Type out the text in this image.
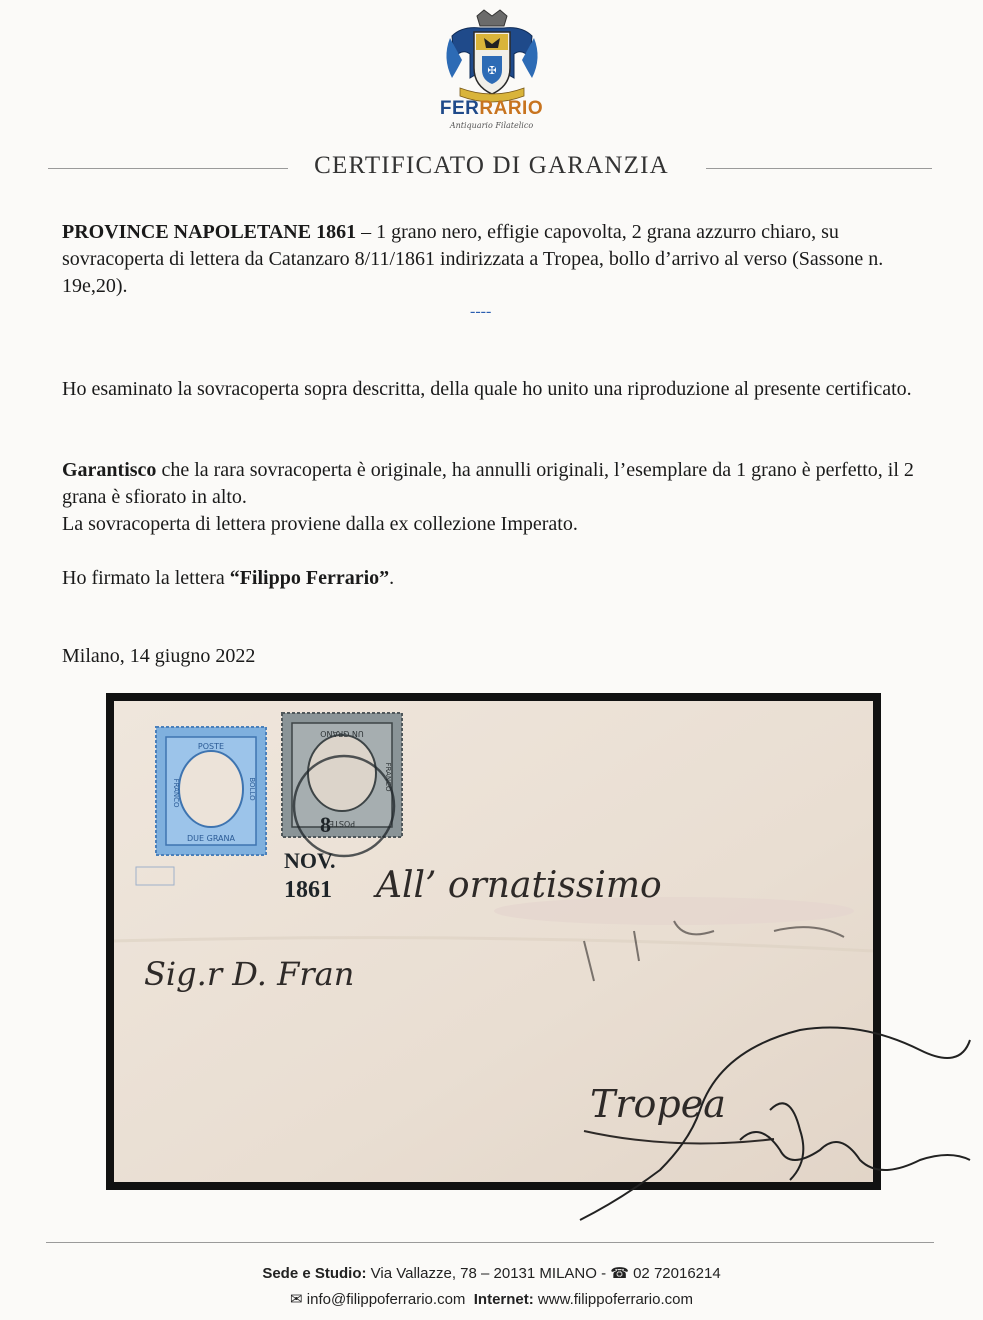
✠
FERRARIO
Antiquario Filatelico
CERTIFICATO DI GARANZIA
PROVINCE NAPOLETANE 1861 – 1 grano nero, effigie capovolta, 2 grana azzurro chiaro, su sovracoperta di lettera da Catanzaro 8/11/1861 indirizzata a Tropea, bollo d’arrivo al verso (Sassone n. 19e,20).
----
Ho esaminato la sovracoperta sopra descritta, della quale ho unito una riproduzione al presente certificato.
Garantisco che la rara sovracoperta è originale, ha annulli originali, l’esemplare da 1 grano è perfetto, il 2 grana è sfiorato in alto.
La sovracoperta di lettera proviene dalla ex collezione Imperato.
Ho firmato la lettera “Filippo Ferrario”.
Milano, 14 giugno 2022
POSTE
DUE GRANA
FRANCO	BOLLO
UN GRANO
POSTE
FRANCO
8
NOV.
1861 All’ ornatissimo
Sig.r D. Fran
Tropea
Sede e Studio: Via Vallazze, 78 – 20131 MILANO - ☎ 02 72016214
✉ info@filippoferrario.com Internet: www.filippoferrario.com
